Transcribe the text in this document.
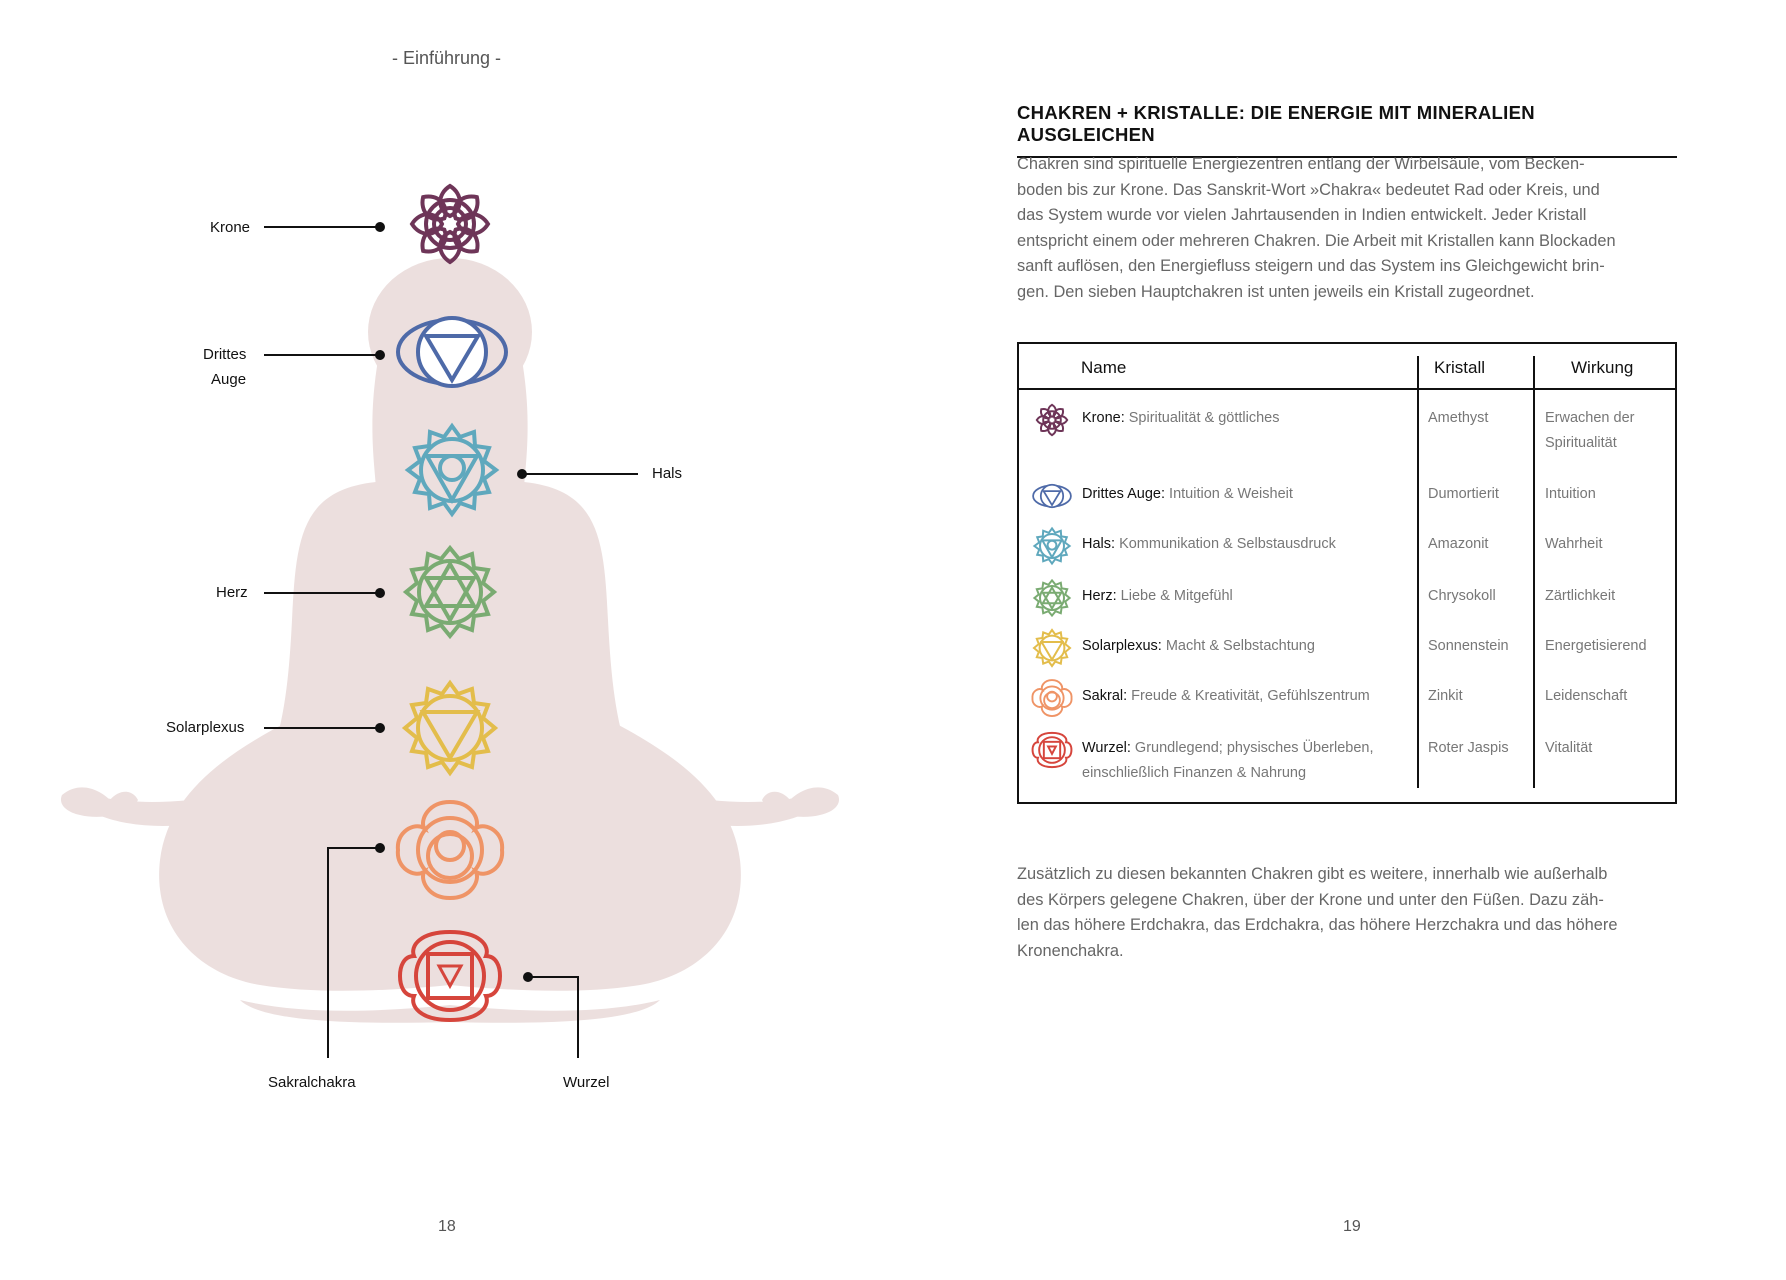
- Einführung -
Krone
Drittes
Auge
Hals
Herz
Solarplexus
Sakralchakra	Wurzel
18
CHAKREN + KRISTALLE: DIE ENERGIE MIT MINERALIEN AUSGLEICHEN
Chakren sind spirituelle Energiezentren entlang der Wirbelsäule, vom Becken-
boden bis zur Krone. Das Sanskrit-Wort »Chakra« bedeutet Rad oder Kreis, und
das System wurde vor vielen Jahrtausenden in Indien entwickelt. Jeder Kristall
entspricht einem oder mehreren Chakren. Die Arbeit mit Kristallen kann Blockaden
sanft auflösen, den Energiefluss steigern und das System ins Gleichgewicht brin-
gen. Den sieben Hauptchakren ist unten jeweils ein Kristall zugeordnet.
Name	Kristall	Wirkung
Krone: Spiritualität & göttliches	Amethyst	Erwachen der
Spiritualität
Drittes Auge: Intuition & Weisheit	Dumortierit	Intuition
Hals: Kommunikation & Selbstausdruck	Amazonit	Wahrheit
Herz: Liebe & Mitgefühl	Chrysokoll	Zärtlichkeit
Solarplexus: Macht & Selbstachtung	Sonnenstein	Energetisierend
Sakral: Freude & Kreativität, Gefühlszentrum	Zinkit	Leidenschaft
Wurzel: Grundlegend; physisches Überleben,
einschließlich Finanzen & Nahrung
Roter Jaspis	Vitalität
Zusätzlich zu diesen bekannten Chakren gibt es weitere, innerhalb wie außerhalb
des Körpers gelegene Chakren, über der Krone und unter den Füßen. Dazu zäh-
len das höhere Erdchakra, das Erdchakra, das höhere Herzchakra und das höhere
Kronenchakra.
19
